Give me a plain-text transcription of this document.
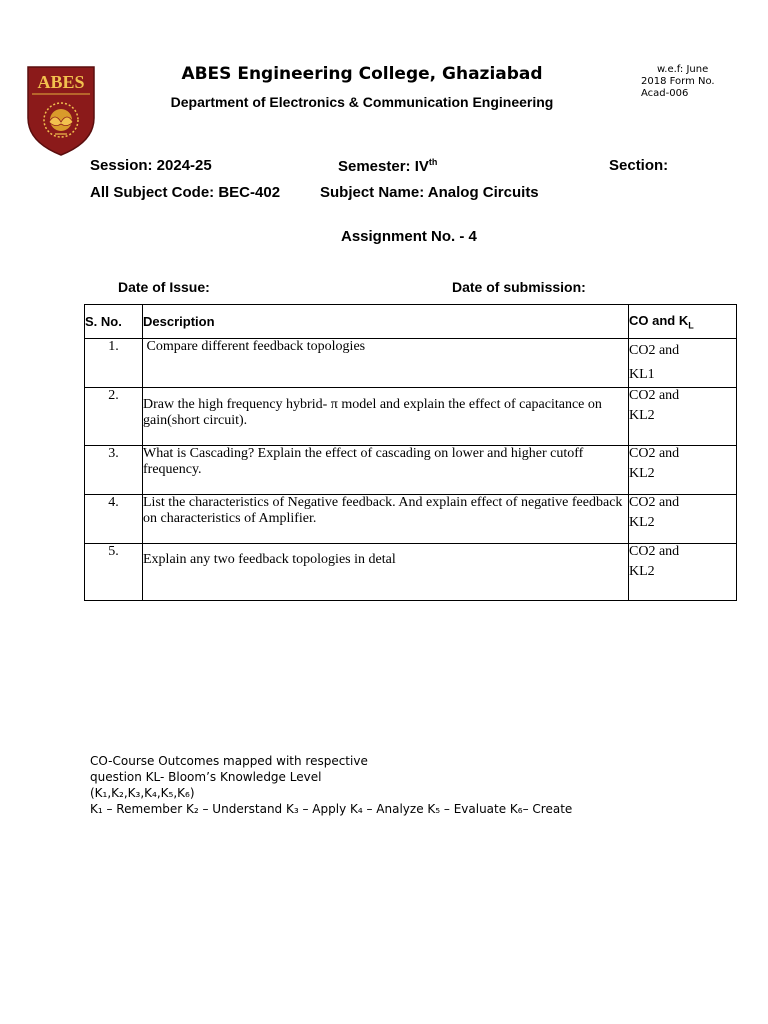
ABES	ABES Engineering College, Ghaziabad
Department of Electronics & Communication Engineering
w.e.f: June
2018 Form No.
Acad-006
Session: 2024-25	Semester: IVth	Section:
All Subject Code: BEC-402	Subject Name: Analog Circuits
Assignment No. - 4
Date of Issue:	Date of submission:
S. No.	Description	CO and $K_L$
1.	Compare different feedback topologies	CO2 and
KL1

2.	Draw the high frequency hybrid- π model and explain the effect of capacitance on gain(short circuit).	CO2 and
KL2

3.	What is Cascading? Explain the effect of cascading on lower and higher cutoff frequency.	CO2 and
KL2

4.	List the characteristics of Negative feedback. And explain effect of negative feedback on characteristics of Amplifier.	CO2 and
KL2

5.	Explain any two feedback topologies in detal	CO2 and
KL2
CO-Course Outcomes mapped with respective
question KL- Bloom’s Knowledge Level
(K₁,K₂,K₃,K₄,K₅,K₆)
K₁ – Remember K₂ – Understand K₃ – Apply K₄ – Analyze K₅ – Evaluate K₆– Create
